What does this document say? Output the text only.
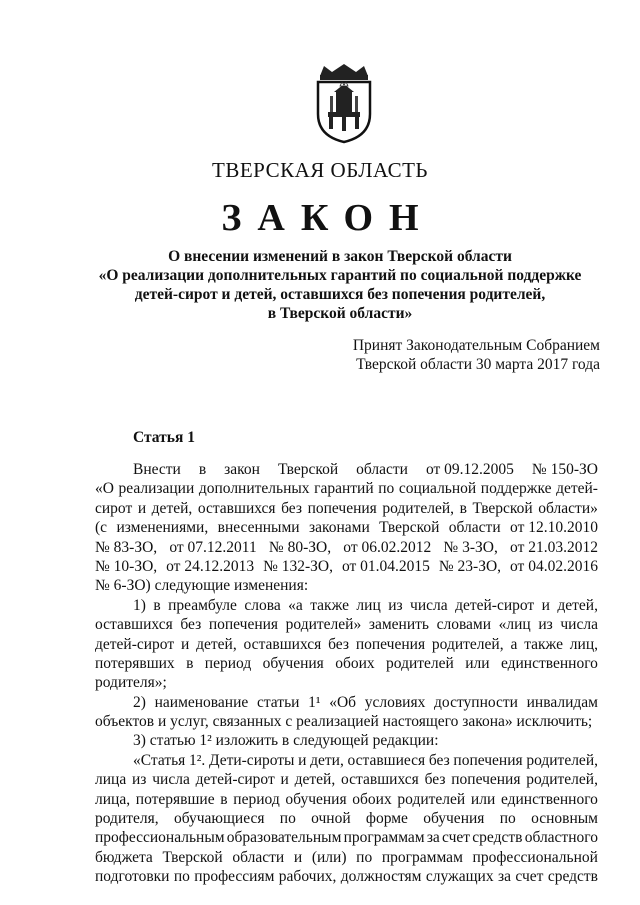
ТВЕРСКАЯ ОБЛАСТЬ
ЗАКОН
О внесении изменений в закон Тверской области
«О реализации дополнительных гарантий по социальной поддержке
детей-сирот и детей, оставшихся без попечения родителей,
в Тверской области»
Принят Законодательным Собранием
Тверской области 30 марта 2017 года
Статья 1
Внести в закон Тверской области от 09.12.2005 № 150-ЗО
«О реализации дополнительных гарантий по социальной поддержке детей-
сирот и детей, оставшихся без попечения родителей, в Тверской области»
(с изменениями, внесенными законами Тверской области от 12.10.2010
№ 83-ЗО, от 07.12.2011 № 80-ЗО, от 06.02.2012 № 3-ЗО, от 21.03.2012
№ 10-ЗО, от 24.12.2013 № 132-ЗО, от 01.04.2015 № 23-ЗО, от 04.02.2016
№ 6-ЗО) следующие изменения:
1) в преамбуле слова «а также лиц из числа детей-сирот и детей,
оставшихся без попечения родителей» заменить словами «лиц из числа
детей-сирот и детей, оставшихся без попечения родителей, а также лиц,
потерявших в период обучения обоих родителей или единственного
родителя»;
2) наименование статьи 1¹ «Об условиях доступности инвалидам
объектов и услуг, связанных с реализацией настоящего закона» исключить;
3) статью 1² изложить в следующей редакции:
«Статья 1². Дети-сироты и дети, оставшиеся без попечения родителей,
лица из числа детей-сирот и детей, оставшихся без попечения родителей,
лица, потерявшие в период обучения обоих родителей или единственного
родителя, обучающиеся по очной форме обучения по основным
профессиональным образовательным программам за счет средств областного
бюджета Тверской области и (или) по программам профессиональной
подготовки по профессиям рабочих, должностям служащих за счет средств
